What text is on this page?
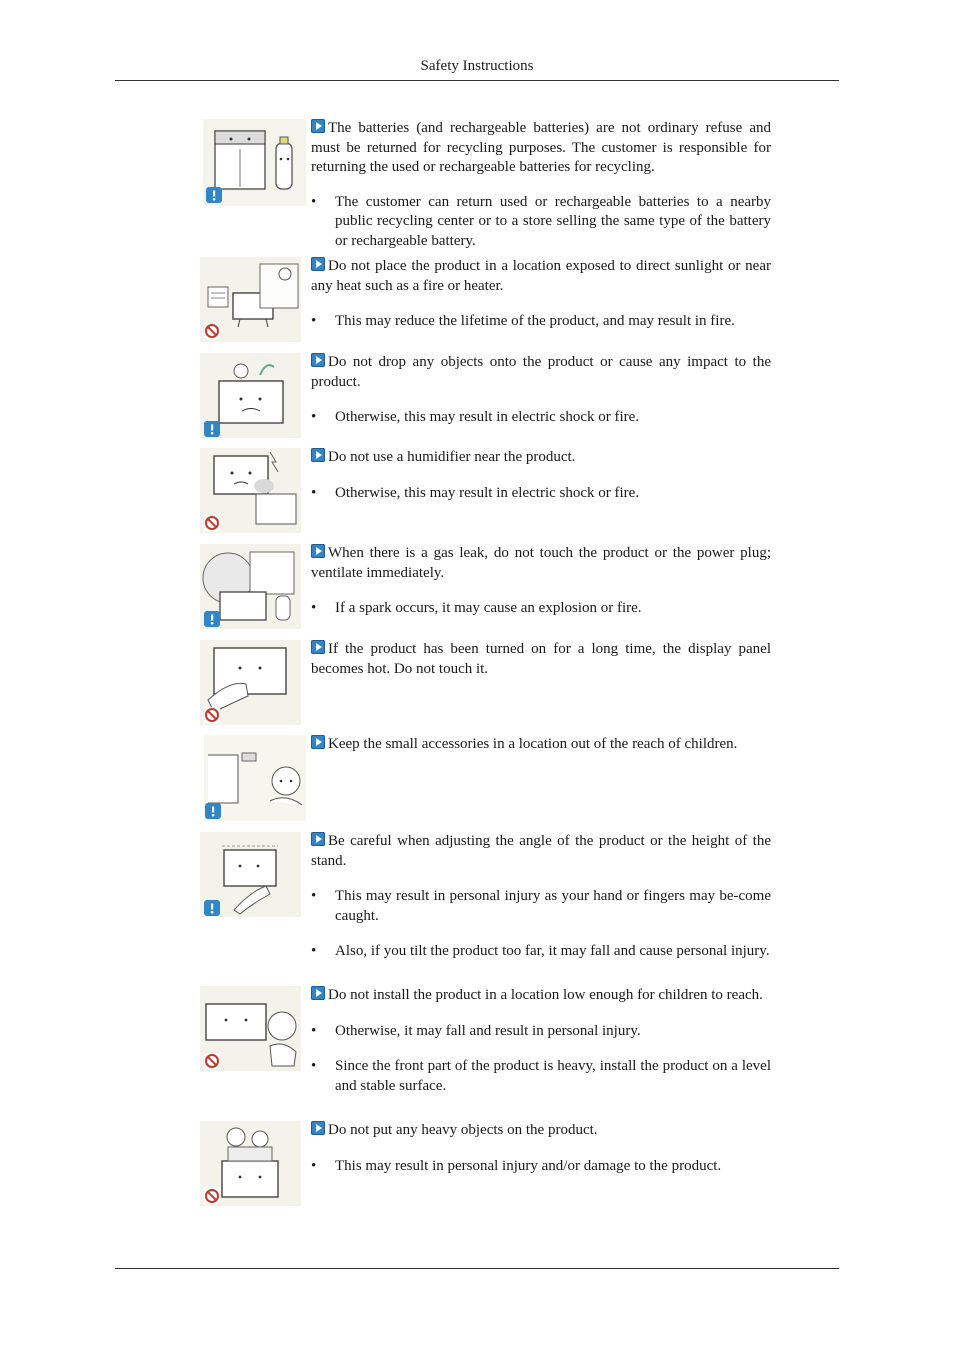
Safety Instructions

The batteries (and rechargeable batteries) are not ordinary refuse and must be returned for recycling purposes. The customer is responsible for returning the used or rechargeable batteries for recycling.

• The customer can return used or rechargeable batteries to a nearby public recycling center or to a store selling the same type of the battery or rechargeable battery.

Do not place the product in a location exposed to direct sunlight or near any heat such as a fire or heater.

• This may reduce the lifetime of the product, and may result in fire.

Do not drop any objects onto the product or cause any impact to the product.

• Otherwise, this may result in electric shock or fire.

Do not use a humidifier near the product.

• Otherwise, this may result in electric shock or fire.

When there is a gas leak, do not touch the product or the power plug; ventilate immediately.

• If a spark occurs, it may cause an explosion or fire.

If the product has been turned on for a long time, the display panel becomes hot. Do not touch it.

Keep the small accessories in a location out of the reach of children.

Be careful when adjusting the angle of the product or the height of the stand.

• This may result in personal injury as your hand or fingers may be-come caught.
• Also, if you tilt the product too far, it may fall and cause personal injury.

Do not install the product in a location low enough for children to reach.

• Otherwise, it may fall and result in personal injury.
• Since the front part of the product is heavy, install the product on a level and stable surface.

Do not put any heavy objects on the product.

• This may result in personal injury and/or damage to the product.
